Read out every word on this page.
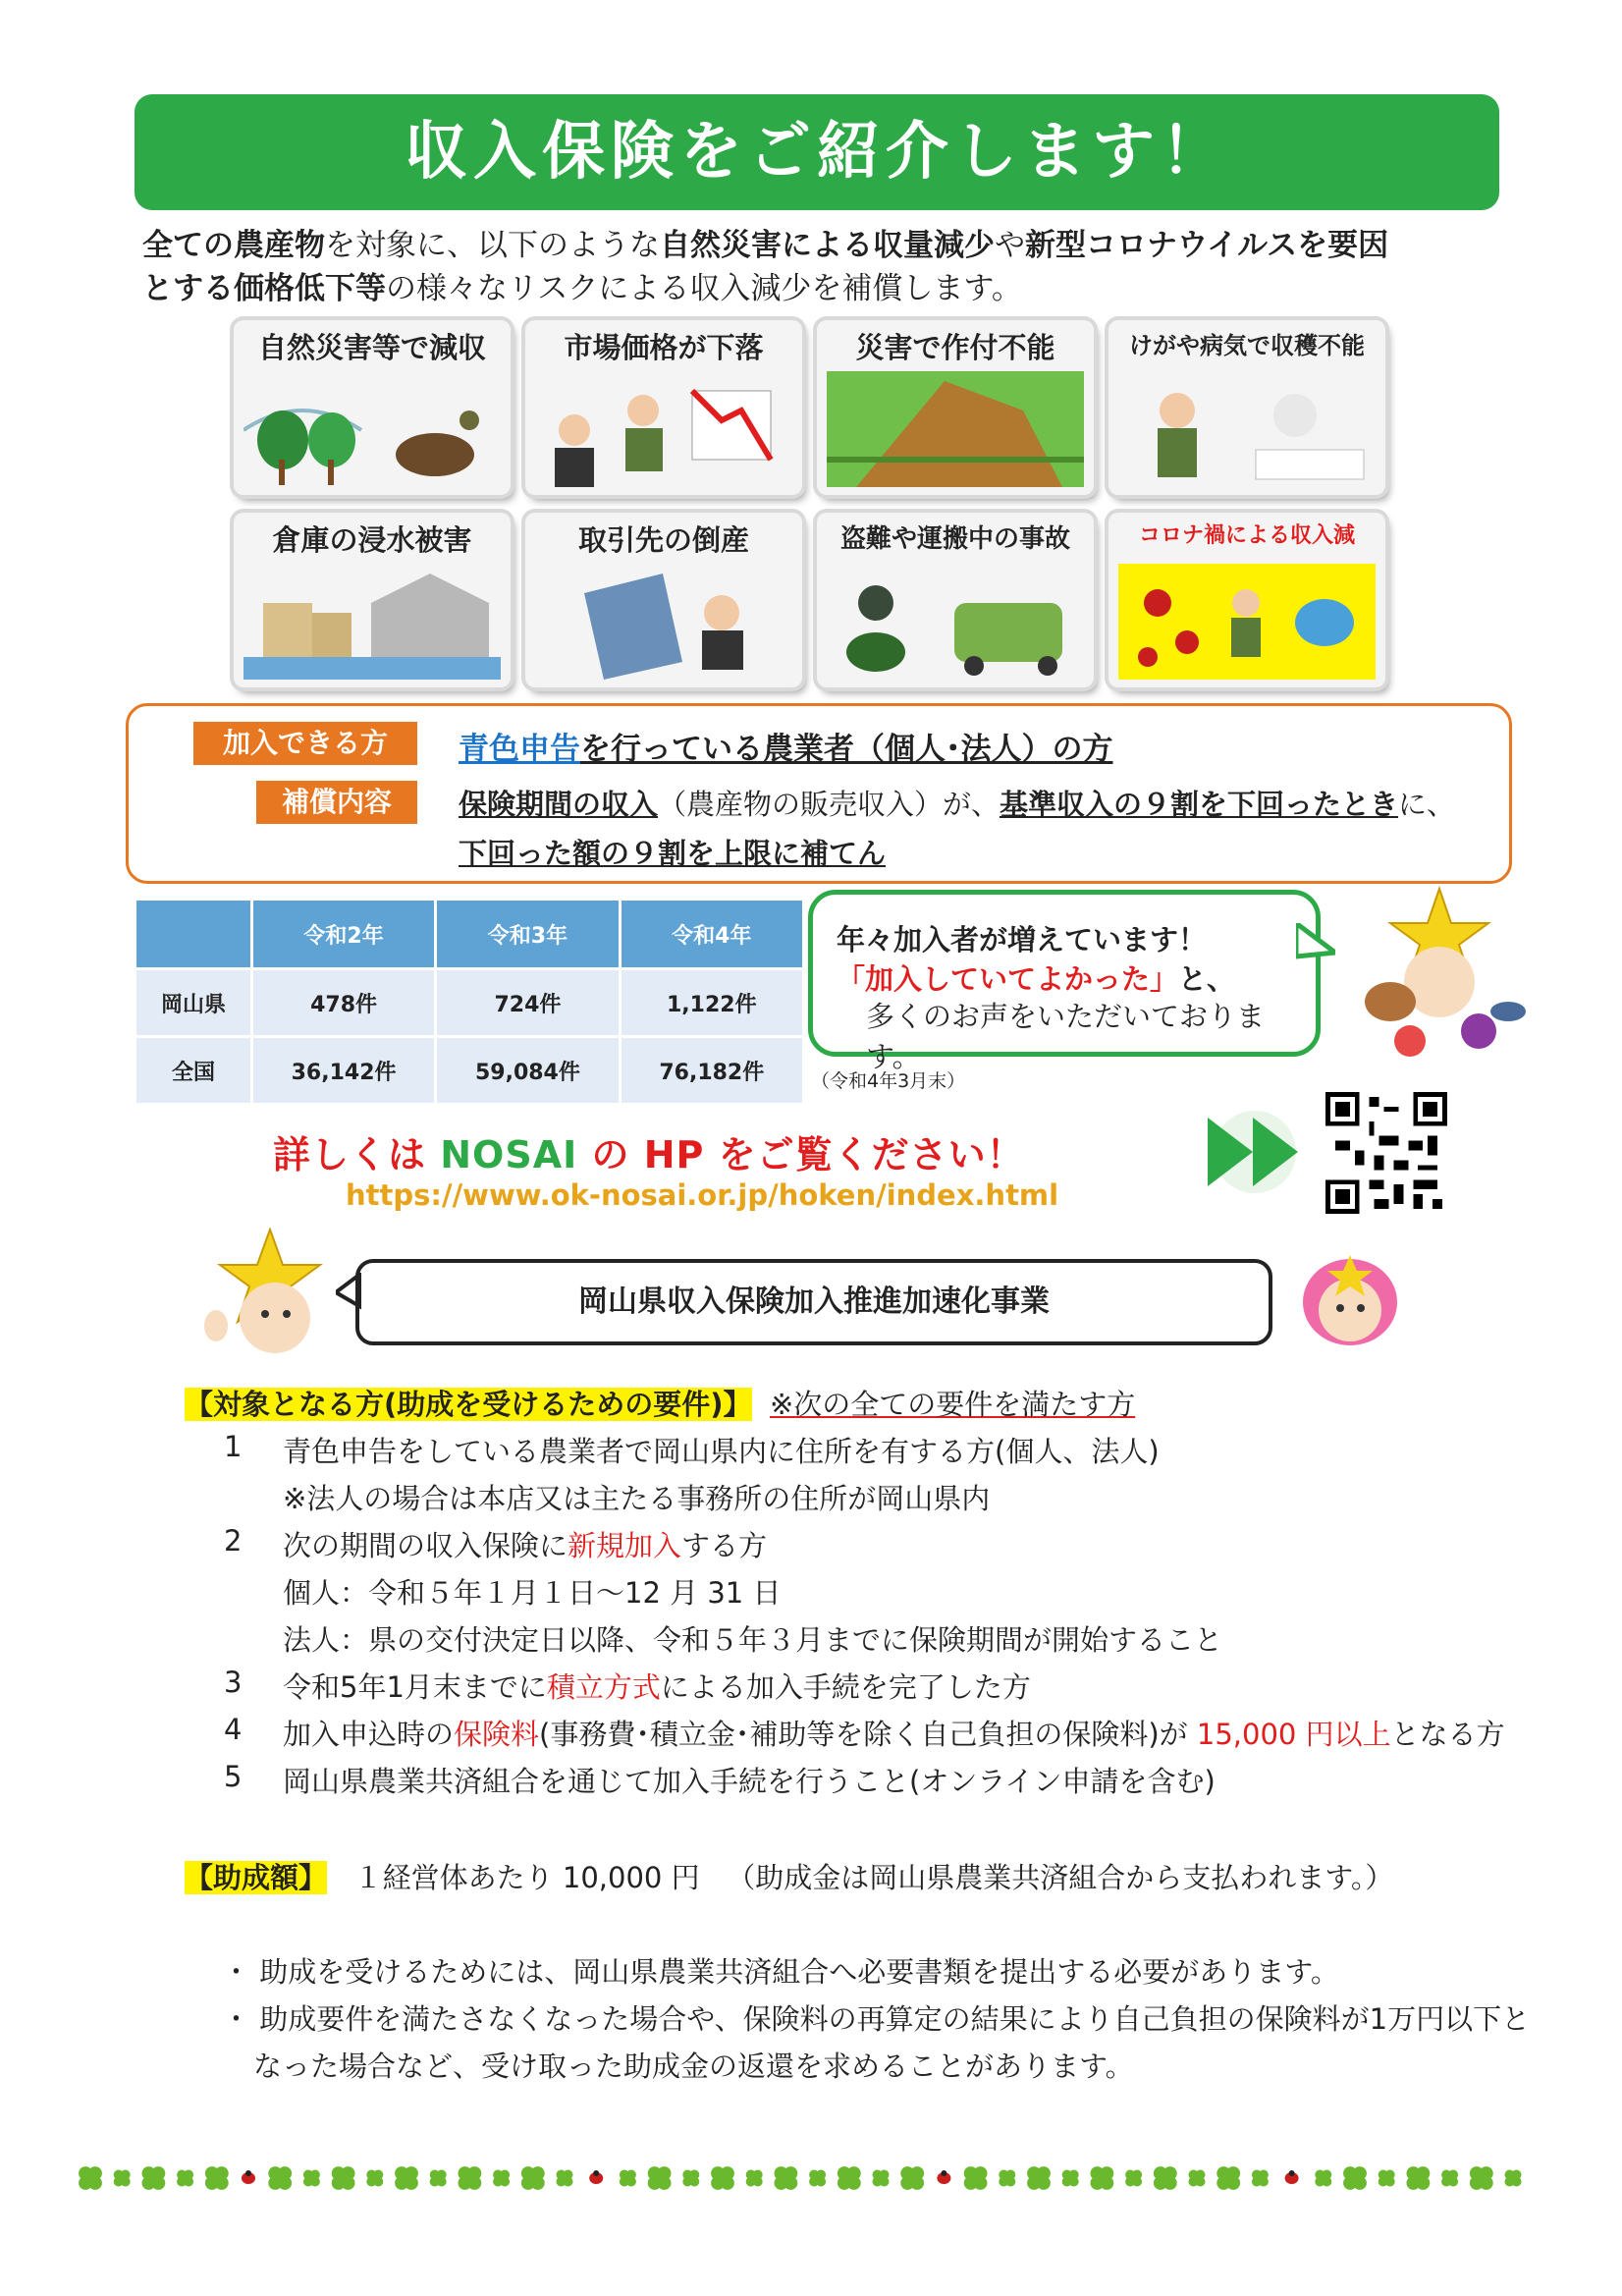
収入保険をご紹介します！
全ての農産物を対象に、以下のような自然災害による収量減少や新型コロナウイルスを要因
とする価格低下等の様々なリスクによる収入減少を補償します。
自然災害等で減収	市場価格が下落	災害で作付不能	けがや病気で収穫不能
倉庫の浸水被害	取引先の倒産	盗難や運搬中の事故	コロナ禍による収入減
加入できる方	青色申告を行っている農業者（個人･法人）の方
補償内容	保険期間の収入（農産物の販売収入）が、基準収入の９割を下回ったときに、
下回った額の９割を上限に補てん
	令和2年	令和3年	令和4年
岡山県	478件	724件	1,122件
全国	36,142件	59,084件	76,182件
年々加入者が増えています！
「加入していてよかった」と、
多くのお声をいただいております。
（令和4年3月末）
詳しくは NOSAI の HP をご覧ください！
https://www.ok-nosai.or.jp/hoken/index.html
岡山県収入保険加入推進加速化事業
【対象となる方(助成を受けるための要件)】 ※次の全ての要件を満たす方
1 青色申告をしている農業者で岡山県内に住所を有する方(個人、法人)
※法人の場合は本店又は主たる事務所の住所が岡山県内
2 次の期間の収入保険に新規加入する方
個人：令和５年１月１日～12 月 31 日
法人：県の交付決定日以降、令和５年３月までに保険期間が開始すること
3 令和5年1月末までに積立方式による加入手続を完了した方
4 加入申込時の保険料(事務費･積立金･補助等を除く自己負担の保険料)が 15,000 円以上となる方
5 岡山県農業共済組合を通じて加入手続を行うこと(オンライン申請を含む)
【助成額】 １経営体あたり 10,000 円 （助成金は岡山県農業共済組合から支払われます。）
・ 助成を受けるためには、岡山県農業共済組合へ必要書類を提出する必要があります。
・ 助成要件を満たさなくなった場合や、保険料の再算定の結果により自己負担の保険料が1万円以下と
なった場合など、受け取った助成金の返還を求めることがあります。
